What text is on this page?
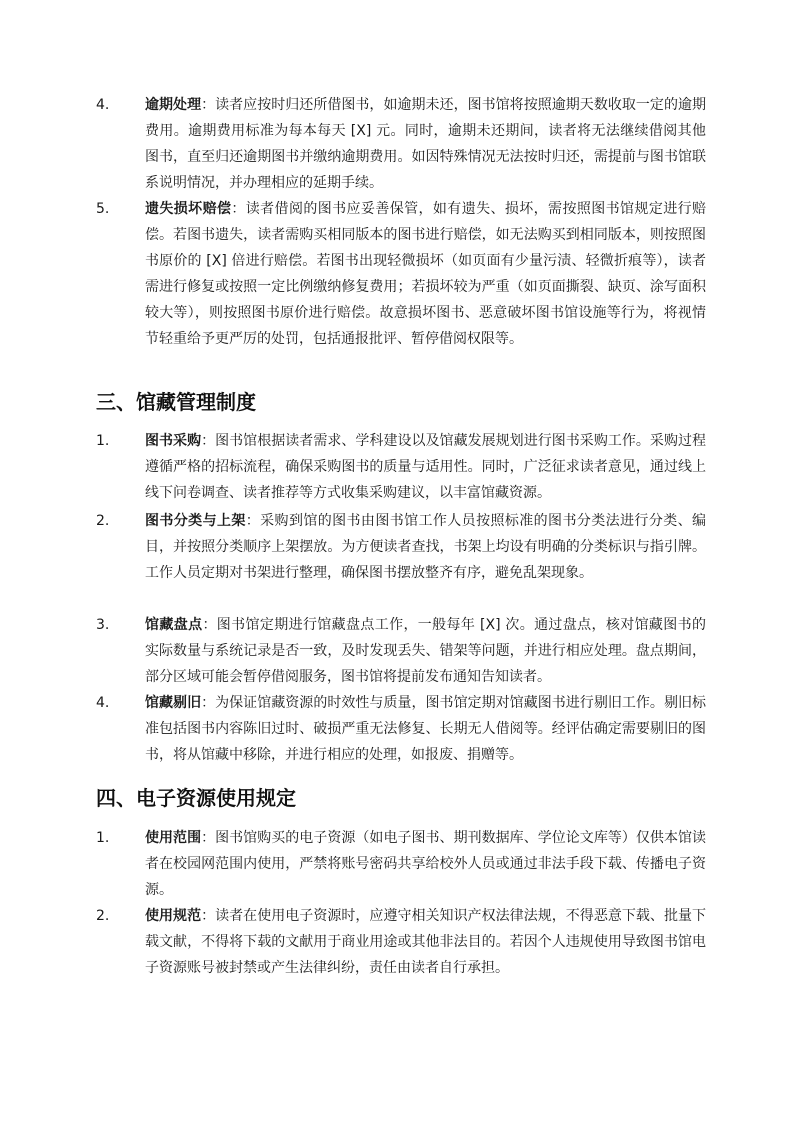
4.	逾期处理：读者应按时归还所借图书，如逾期未还，图书馆将按照逾期天数收取一定的逾期费用。逾期费用标准为每本每天 [X] 元。同时，逾期未还期间，读者将无法继续借阅其他图书，直至归还逾期图书并缴纳逾期费用。如因特殊情况无法按时归还，需提前与图书馆联系说明情况，并办理相应的延期手续。
5.	遗失损坏赔偿：读者借阅的图书应妥善保管，如有遗失、损坏，需按照图书馆规定进行赔偿。若图书遗失，读者需购买相同版本的图书进行赔偿，如无法购买到相同版本，则按照图书原价的 [X] 倍进行赔偿。若图书出现轻微损坏（如页面有少量污渍、轻微折痕等），读者需进行修复或按照一定比例缴纳修复费用；若损坏较为严重（如页面撕裂、缺页、涂写面积较大等），则按照图书原价进行赔偿。故意损坏图书、恶意破坏图书馆设施等行为，将视情节轻重给予更严厉的处罚，包括通报批评、暂停借阅权限等。
三、馆藏管理制度
1.	图书采购：图书馆根据读者需求、学科建设以及馆藏发展规划进行图书采购工作。采购过程遵循严格的招标流程，确保采购图书的质量与适用性。同时，广泛征求读者意见，通过线上线下问卷调查、读者推荐等方式收集采购建议，以丰富馆藏资源。
2.	图书分类与上架：采购到馆的图书由图书馆工作人员按照标准的图书分类法进行分类、编目，并按照分类顺序上架摆放。为方便读者查找，书架上均设有明确的分类标识与指引牌。工作人员定期对书架进行整理，确保图书摆放整齐有序，避免乱架现象。
3.	馆藏盘点：图书馆定期进行馆藏盘点工作，一般每年 [X] 次。通过盘点，核对馆藏图书的实际数量与系统记录是否一致，及时发现丢失、错架等问题，并进行相应处理。盘点期间，部分区域可能会暂停借阅服务，图书馆将提前发布通知告知读者。
4.	馆藏剔旧：为保证馆藏资源的时效性与质量，图书馆定期对馆藏图书进行剔旧工作。剔旧标准包括图书内容陈旧过时、破损严重无法修复、长期无人借阅等。经评估确定需要剔旧的图书，将从馆藏中移除，并进行相应的处理，如报废、捐赠等。
四、电子资源使用规定
1.	使用范围：图书馆购买的电子资源（如电子图书、期刊数据库、学位论文库等）仅供本馆读者在校园网范围内使用，严禁将账号密码共享给校外人员或通过非法手段下载、传播电子资源。
2.	使用规范：读者在使用电子资源时，应遵守相关知识产权法律法规，不得恶意下载、批量下载文献，不得将下载的文献用于商业用途或其他非法目的。若因个人违规使用导致图书馆电子资源账号被封禁或产生法律纠纷，责任由读者自行承担。
